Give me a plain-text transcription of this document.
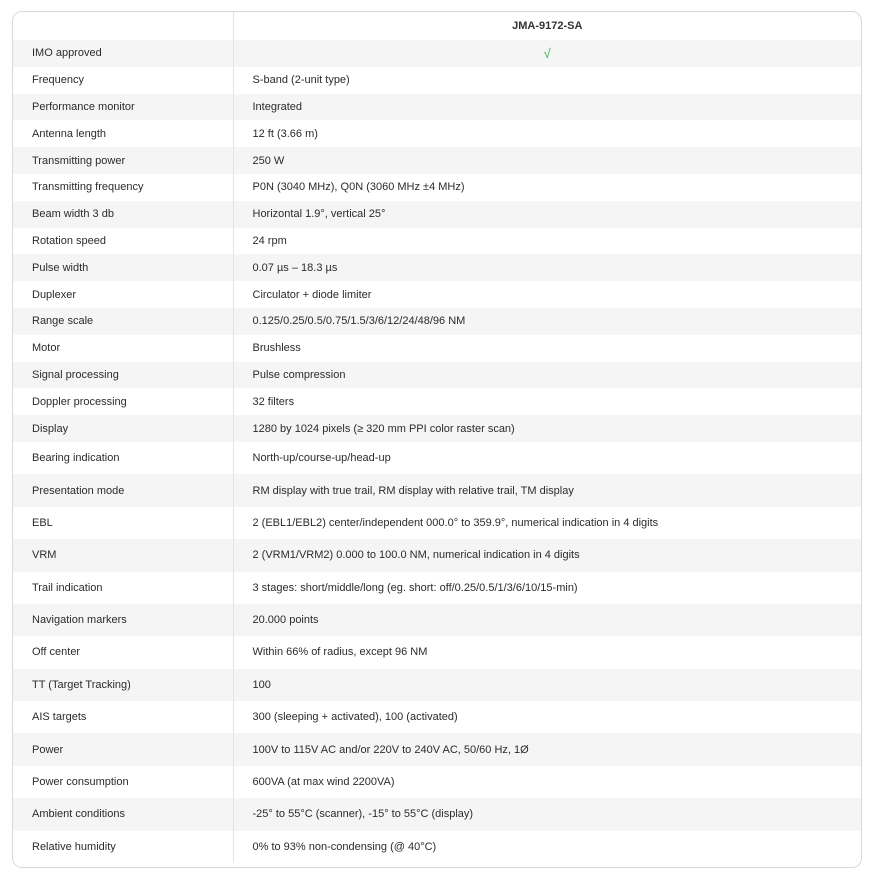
	JMA-9172-SA
IMO approved	√
Frequency	S-band (2-unit type)
Performance monitor	Integrated
Antenna length	12 ft (3.66 m)
Transmitting power	250 W
Transmitting frequency	P0N (3040 MHz), Q0N (3060 MHz ±4 MHz)
Beam width 3 db	Horizontal 1.9°, vertical 25°
Rotation speed	24 rpm
Pulse width	0.07 µs – 18.3 µs
Duplexer	Circulator + diode limiter
Range scale	0.125/0.25/0.5/0.75/1.5/3/6/12/24/48/96 NM
Motor	Brushless
Signal processing	Pulse compression
Doppler processing	32 filters
Display	1280 by 1024 pixels (≥ 320 mm PPI color raster scan)
Bearing indication	North-up/course-up/head-up
Presentation mode	RM display with true trail, RM display with relative trail, TM display
EBL	2 (EBL1/EBL2) center/independent 000.0° to 359.9°, numerical indication in 4 digits
VRM	2 (VRM1/VRM2) 0.000 to 100.0 NM, numerical indication in 4 digits
Trail indication	3 stages: short/middle/long (eg. short: off/0.25/0.5/1/3/6/10/15-min)
Navigation markers	20.000 points
Off center	Within 66% of radius, except 96 NM
TT (Target Tracking)	100
AIS targets	300 (sleeping + activated), 100 (activated)
Power	100V to 115V AC and/or 220V to 240V AC, 50/60 Hz, 1Ø
Power consumption	600VA (at max wind 2200VA)
Ambient conditions	-25° to 55°C (scanner), -15° to 55°C (display)
Relative humidity	0% to 93% non-condensing (@ 40°C)
